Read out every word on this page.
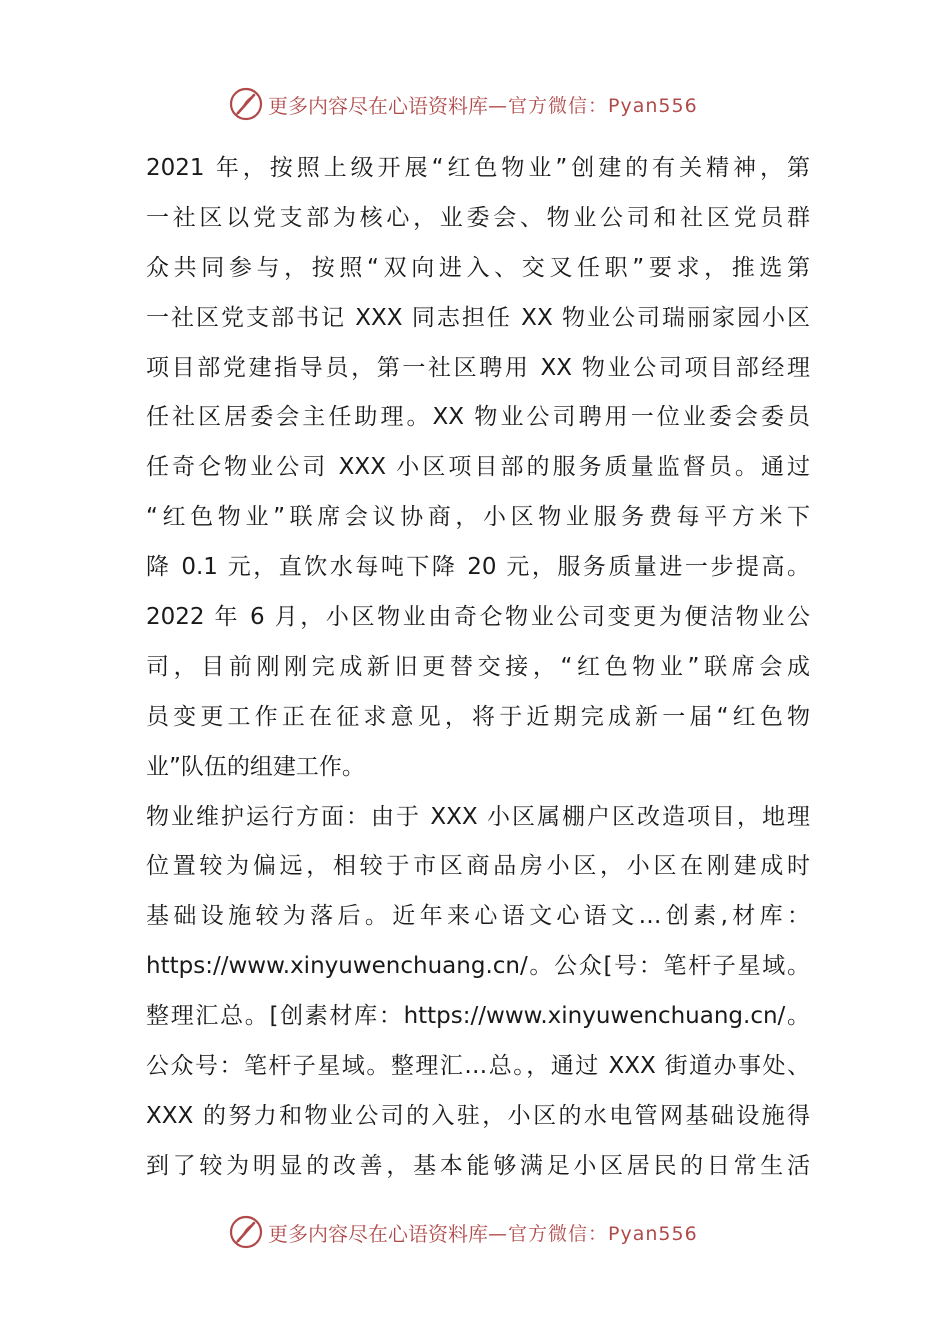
更多内容尽在心语资料库 —官方微信：Pyan556
2021 年，按照上级开展“红色物业”创建的有关精神，第
一社区以党支部为核心，业委会、物业公司和社区党员群
众共同参与，按照“双向进入、交叉任职”要求，推选第
一社区党支部书记 XXX 同志担任 XX 物业公司瑞丽家园小区
项目部党建指导员，第一社区聘用 XX 物业公司项目部经理
任社区居委会主任助理。XX 物业公司聘用一位业委会委员
任奇仑物业公司 XXX 小区项目部的服务质量监督员。通过
“红色物业”联席会议协商，小区物业服务费每平方米下
降 0.1 元，直饮水每吨下降 20 元，服务质量进一步提高。
2022 年 6 月，小区物业由奇仑物业公司变更为便洁物业公
司，目前刚刚完成新旧更替交接，“红色物业”联席会成
员变更工作正在征求意见，将于近期完成新一届“红色物
业”队伍的组建工作。
物业维护运行方面：由于 XXX 小区属棚户区改造项目，地理
位置较为偏远，相较于市区商品房小区，小区在刚建成时
基础设施较为落后。近年来心语文心语文…创素,材库：
https://www.xinyuwenchuang.cn/。公众[号：笔杆子星域。
整理汇总。[创素材库：https://www.xinyuwenchuang.cn/。
公众号：笔杆子星域。整理汇…总。，通过 XXX 街道办事处、
XXX 的努力和物业公司的入驻，小区的水电管网基础设施得
到了较为明显的改善，基本能够满足小区居民的日常生活
更多内容尽在心语资料库 —官方微信：Pyan556
